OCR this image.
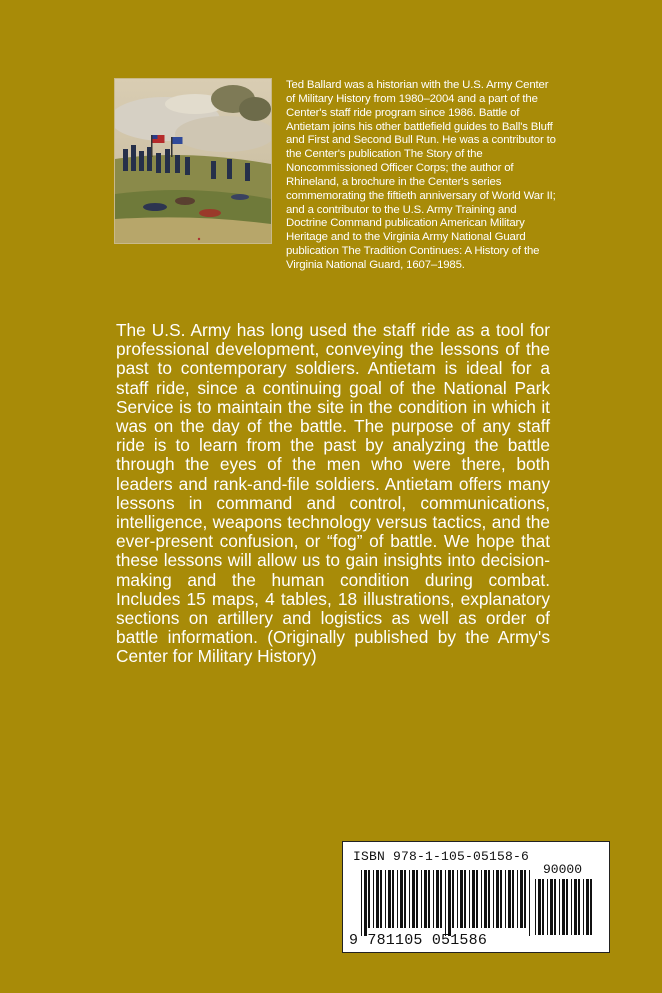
Ted Ballard was a historian with the U.S. Army Center of Military History from 1980–2004 and a part of the Center's staff ride program since 1986. Battle of Antietam joins his other battlefield guides to Ball's Bluff and First and Second Bull Run. He was a contributor to the Center's publication The Story of the Noncommissioned Officer Corps; the author of Rhineland, a brochure in the Center's series commemorating the fiftieth anniversary of World War II; and a contributor to the U.S. Army Training and Doctrine Command publication American Military Heritage and to the Virginia Army National Guard publication The Tradition Continues: A History of the Virginia National Guard, 1607–1985.

The U.S. Army has long used the staff ride as a tool for professional development, conveying the lessons of the past to contemporary soldiers. Antietam is ideal for a staff ride, since a continuing goal of the National Park Service is to maintain the site in the condition in which it was on the day of the battle. The purpose of any staff ride is to learn from the past by analyzing the battle through the eyes of the men who were there, both leaders and rank-and-file soldiers. Antietam offers many lessons in command and control, communications, intelligence, weapons technology versus tactics, and the ever-present confusion, or “fog” of battle. We hope that these lessons will allow us to gain insights into decision-making and the human condition during combat. Includes 15 maps, 4 tables, 18 illustrations, explanatory sections on artillery and logistics as well as order of battle information. (Originally published by the Army's Center for Military History)

ISBN 978-1-105-05158-6
90000
9 781105 051586
